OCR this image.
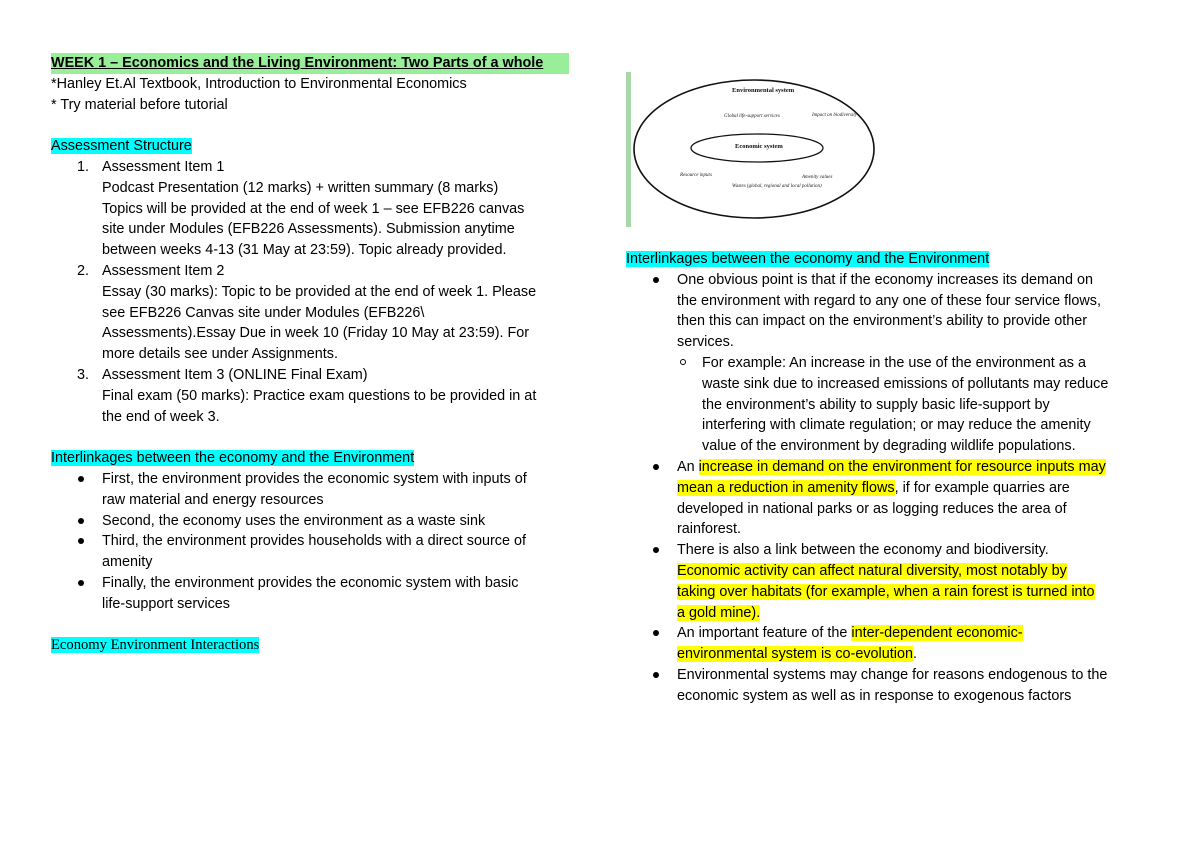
WEEK 1 – Economics and the Living Environment: Two Parts of a whole
*Hanley Et.Al Textbook, Introduction to Environmental Economics
* Try material before tutorial
Assessment Structure
1. Assessment Item 1
Podcast Presentation (12 marks) + written summary (8 marks)
Topics will be provided at the end of week 1 – see EFB226 canvas
site under Modules (EFB226 Assessments). Submission anytime
between weeks 4-13 (31 May at 23:59). Topic already provided.
2. Assessment Item 2
Essay (30 marks): Topic to be provided at the end of week 1. Please
see EFB226 Canvas site under Modules (EFB226\
Assessments).Essay Due in week 10 (Friday 10 May at 23:59). For
more details see under Assignments.
3. Assessment Item 3 (ONLINE Final Exam)
Final exam (50 marks): Practice exam questions to be provided in at
the end of week 3.
Interlinkages between the economy and the Environment
First, the environment provides the economic system with inputs of
raw material and energy resources
Second, the economy uses the environment as a waste sink
Third, the environment provides households with a direct source of
amenity
Finally, the environment provides the economic system with basic
life-support services
Economy Environment Interactions
Environmental system
Global life-support services	Impact on biodiversity
Economic system
Resource inputs	Amenity values
Wastes (global, regional and local pollution)
Interlinkages between the economy and the Environment
One obvious point is that if the economy increases its demand on
the environment with regard to any one of these four service flows,
then this can impact on the environment’s ability to provide other
services.
For example: An increase in the use of the environment as a
waste sink due to increased emissions of pollutants may reduce
the environment’s ability to supply basic life-support by
interfering with climate regulation; or may reduce the amenity
value of the environment by degrading wildlife populations.
An increase in demand on the environment for resource inputs may
mean a reduction in amenity flows, if for example quarries are
developed in national parks or as logging reduces the area of
rainforest.
There is also a link between the economy and biodiversity.
Economic activity can affect natural diversity, most notably by
taking over habitats (for example, when a rain forest is turned into
a gold mine).
An important feature of the inter-dependent economic-
environmental system is co-evolution.
Environmental systems may change for reasons endogenous to the
economic system as well as in response to exogenous factors
